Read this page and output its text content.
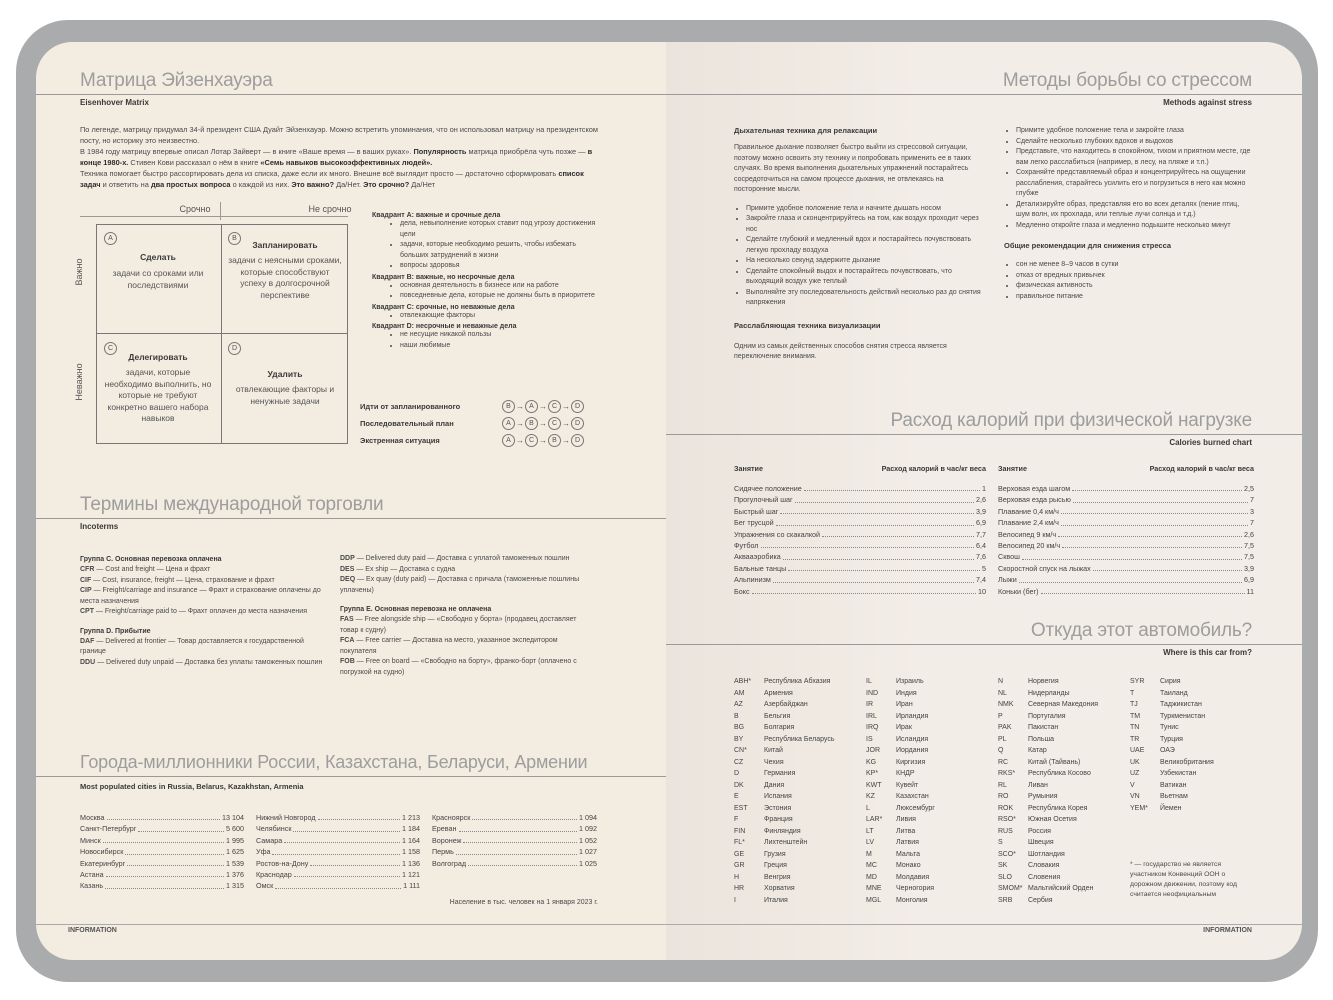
Матрица Эйзенхауэра
Eisenhover Matrix
По легенде, матрицу придумал 34-й президент США Дуайт Эйзенхауэр. Можно встретить упоминания, что он использовал матрицу на президентском посту, но историку это неизвестно.
В 1984 году матрицу впервые описал Лотар Зайверт — в книге «Ваше время — в ваших руках». Популярность матрица приобрёла чуть позже — в конце 1980-х. Стивен Кови рассказал о нём в книге «Семь навыков высокоэффективных людей».
Техника помогает быстро рассортировать дела из списка, даже если их много. Внешне всё выглядит просто — достаточно сформировать список задач и ответить на два простых вопроса о каждой из них. Это важно? Да/Нет. Это срочно? Да/Нет
Срочно	Не срочно
Важно
Неважно
A
Сделать
задачи со сроками или последствиями
B
Запланировать
задачи с неясными сроками, которые способствуют успеху в долгосрочной перспективе
C
Делегировать
задачи, которые необходимо выполнить, но которые не требуют конкретно вашего набора навыков
D
Удалить
отвлекающие факторы и ненужные задачи
Квадрант А: важные и срочные дела
• дела, невыполнение которых ставит под угрозу достижения цели
• задачи, которые необходимо решить, чтобы избежать больших затруднений в жизни
• вопросы здоровья
Квадрант B: важные, но несрочные дела
• основная деятельность в бизнесе или на работе
• повседневные дела, которые не должны быть в приоритете
Квадрант C: срочные, но неважные дела
• отвлекающие факторы
Квадрант D: несрочные и неважные дела
• не несущие никакой пользы
• наши любимые
Идти от запланированного	B → A → C → D
Последовательный план	A → B → C → D
Экстренная ситуация	A → C → B → D
Термины международной торговли
Incoterms
Группа C. Основная перевозка оплачена
CFR — Cost and freight — Цена и фрахт
CIF — Cost, insurance, freight — Цена, страхование и фрахт
CIP — Freight/carriage and insurance — Фрахт и страхование оплачены до места назначения
CPT — Freight/carriage paid to — Фрахт оплачен до места назначения
Группа D. Прибытие
DAF — Delivered at frontier — Товар доставляется к государственной границе
DDU — Delivered duty unpaid — Доставка без уплаты таможенных пошлин
DDP — Delivered duty paid — Доставка с уплатой таможенных пошлин
DES — Ex ship — Доставка с судна
DEQ — Ex quay (duty paid) — Доставка с причала (таможенные пошлины уплачены)
Группа E. Основная перевозка не оплачена
FAS — Free alongside ship — «Свободно у борта» (продавец доставляет товар к судну)
FCA — Free carrier — Доставка на место, указанное экспедитором покупателя
FOB — Free on board — «Свободно на борту», франко-борт (оплачено с погрузкой на судно)
Города-миллионники России, Казахстана, Беларуси, Армении
Most populated cities in Russia, Belarus, Kazakhstan, Armenia
Москва	13 104
Санкт-Петербург	5 600
Минск	1 995
Новосибирск	1 625
Екатеринбург	1 539
Астана	1 376
Казань	1 315
Нижний Новгород	1 213
Челябинск	1 184
Самара	1 164
Уфа	1 158
Ростов-на-Дону	1 136
Краснодар	1 121
Омск	1 111
Красноярск	1 094
Ереван	1 092
Воронеж	1 052
Пермь	1 027
Волгоград	1 025
Население в тыс. человек на 1 января 2023 г.
INFORMATION
Методы борьбы со стрессом
Methods against stress
Дыхательная техника для релаксации
Правильное дыхание позволяет быстро выйти из стрессовой ситуации, поэтому можно освоить эту технику и попробовать применить ее в таких случаях. Во время выполнения дыхательных упражнений постарайтесь сосредоточиться на самом процессе дыхания, не отвлекаясь на посторонние мысли.
• Примите удобное положение тела и начните дышать носом
• Закройте глаза и сконцентрируйтесь на том, как воздух проходит через нос
• Сделайте глубокий и медленный вдох и постарайтесь почувствовать легкую прохладу воздуха
• На несколько секунд задержите дыхание
• Сделайте спокойный выдох и постарайтесь почувствовать, что выходящий воздух уже теплый
• Выполняйте эту последовательность действий несколько раз до снятия напряжения
Расслабляющая техника визуализации
Одним из самых действенных способов снятия стресса является переключение внимания.
• Примите удобное положение тела и закройте глаза
• Сделайте несколько глубоких вдохов и выдохов
• Представьте, что находитесь в спокойном, тихом и приятном месте, где вам легко расслабиться (например, в лесу, на пляже и т.п.)
• Сохраняйте представляемый образ и концентрируйтесь на ощущении расслабления, старайтесь усилить его и погрузиться в него как можно глубже
• Детализируйте образ, представляя его во всех деталях (пение птиц, шум волн, их прохлада, или теплые лучи солнца и т.д.)
• Медленно откройте глаза и медленно подышите несколько минут
Общие рекомендации для снижения стресса
• сон не менее 8–9 часов в сутки
• отказ от вредных привычек
• физическая активность
• правильное питание
Расход калорий при физической нагрузке
Calories burned chart
Занятие	Расход калорий в час/кг веса
Сидячее положение	1
Прогулочный шаг	2,6
Быстрый шаг	3,9
Бег трусцой	6,9
Упражнения со скакалкой	7,7
Футбол	6,4
Аквааэробика	7,6
Бальные танцы	5
Альпинизм	7,4
Бокс	10
Занятие	Расход калорий в час/кг веса
Верховая езда шагом	2,5
Верховая езда рысью	7
Плавание 0,4 км/ч	3
Плавание 2,4 км/ч	7
Велосипед 9 км/ч	2,6
Велосипед 20 км/ч	7,5
Сквош	7,5
Скоростной спуск на лыжах	3,9
Лыжи	6,9
Коньки (бег)	11
Откуда этот автомобиль?
Where is this car from?
ABH*	Республика Абхазия
AM	Армения
AZ	Азербайджан
B	Бельгия
BG	Болгария
BY	Республика Беларусь
CN*	Китай
CZ	Чехия
D	Германия
DK	Дания
E	Испания
EST	Эстония
F	Франция
FIN	Финляндия
FL*	Лихтенштейн
GE	Грузия
GR	Греция
H	Венгрия
HR	Хорватия
I	Италия
IL	Израиль
IND	Индия
IR	Иран
IRL	Ирландия
IRQ	Ирак
IS	Исландия
JOR	Иордания
KG	Киргизия
KP*	КНДР
KWT	Кувейт
KZ	Казахстан
L	Люксембург
LAR*	Ливия
LT	Литва
LV	Латвия
M	Мальта
MC	Монако
MD	Молдавия
MNE	Черногория
MGL	Монголия
N	Норвегия
NL	Нидерланды
NMK	Северная Македония
P	Португалия
PAK	Пакистан
PL	Польша
Q	Катар
RC	Китай (Тайвань)
RKS*	Республика Косово
RL	Ливан
RO	Румыния
ROK	Республика Корея
RSO*	Южная Осетия
RUS	Россия
S	Швеция
SCO*	Шотландия
SK	Словакия
SLO	Словения
SMOM* Мальтийский Орден
SRB	Сербия
SYR	Сирия
T	Таиланд
TJ	Таджикистан
TM	Туркменистан
TN	Тунис
TR	Турция
UAE	ОАЭ
UK	Великобритания
UZ	Узбекистан
V	Ватикан
VN	Вьетнам
YEM*	Йемен
* — государство не является участником Конвенций ООН о дорожном движении, поэтому код считается неофициальным
INFORMATION
